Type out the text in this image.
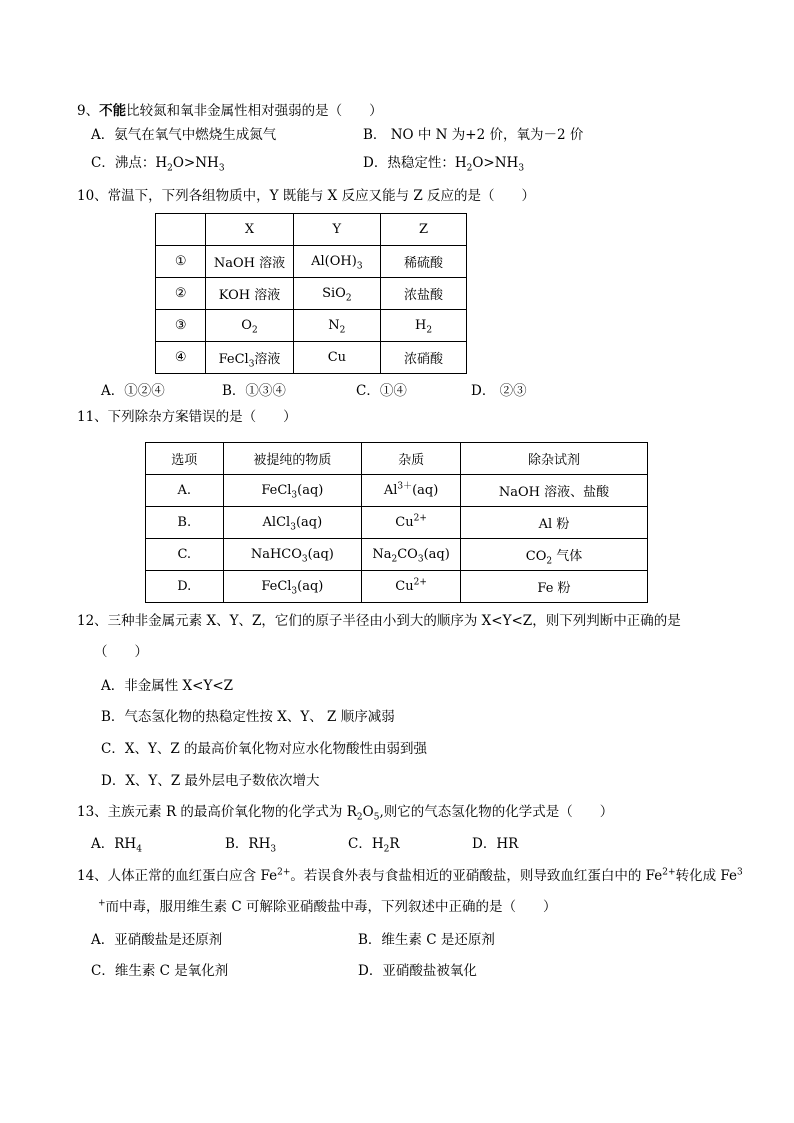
9、不能比较氮和氧非金属性相对强弱的是（　　）
A．氨气在氧气中燃烧生成氮气	B． NO 中 N 为+2 价，氧为－2 价
C．沸点：$H_2O>NH_3$	D．热稳定性：$H_2O>NH_3$
10、常温下，下列各组物质中，Y 既能与 X 反应又能与 Z 反应的是（　　）
	X	Y	Z
①	NaOH 溶液	$Al(OH)_3$	稀硫酸
②	KOH 溶液	SiO$_2$	浓盐酸
③	$O_2$	$N_2$	$H_2$
④	FeCl$_3$溶液	Cu	浓硝酸
A．①②④	B．①③④	C．①④	D． ②③
11、下列除杂方案错误的是（　　）
选项	被提纯的物质	杂质	除杂试剂
A.	FeCl$_3$(aq)	$Al^{3+}(aq)$	NaOH 溶液、盐酸
B.	AlCl$_3$(aq)	$Cu^{2+}$	Al 粉
C.	NaHCO$_3$(aq)	$Na_2CO_3(aq)$	$CO_2$ 气体
D.	FeCl$_3$(aq)	$Cu^{2+}$	Fe 粉
12、三种非金属元素 X、Y、Z，它们的原子半径由小到大的顺序为 X<Y<Z，则下列判断中正确的是
（　　）
A．非金属性 X<Y<Z
B．气态氢化物的热稳定性按 X、Y、 Z 顺序减弱
C．X、Y、Z 的最高价氧化物对应水化物酸性由弱到强
D．X、Y、Z 最外层电子数依次增大
13、主族元素 R 的最高价氧化物的化学式为 $R_2O_5$,则它的气态氢化物的化学式是（　　）
A．$RH_4$	B．$RH_3$	C．$H_2R$	D．HR
14、人体正常的血红蛋白应含 $Fe^{2+}$。若误食外表与食盐相近的亚硝酸盐，则导致血红蛋白中的 $Fe^{2+}$转化成 Fe$^3$
+而中毒，服用维生素 C 可解除亚硝酸盐中毒，下列叙述中正确的是（　　）
A．亚硝酸盐是还原剂	B．维生素 C 是还原剂
C．维生素 C 是氧化剂	D．亚硝酸盐被氧化
